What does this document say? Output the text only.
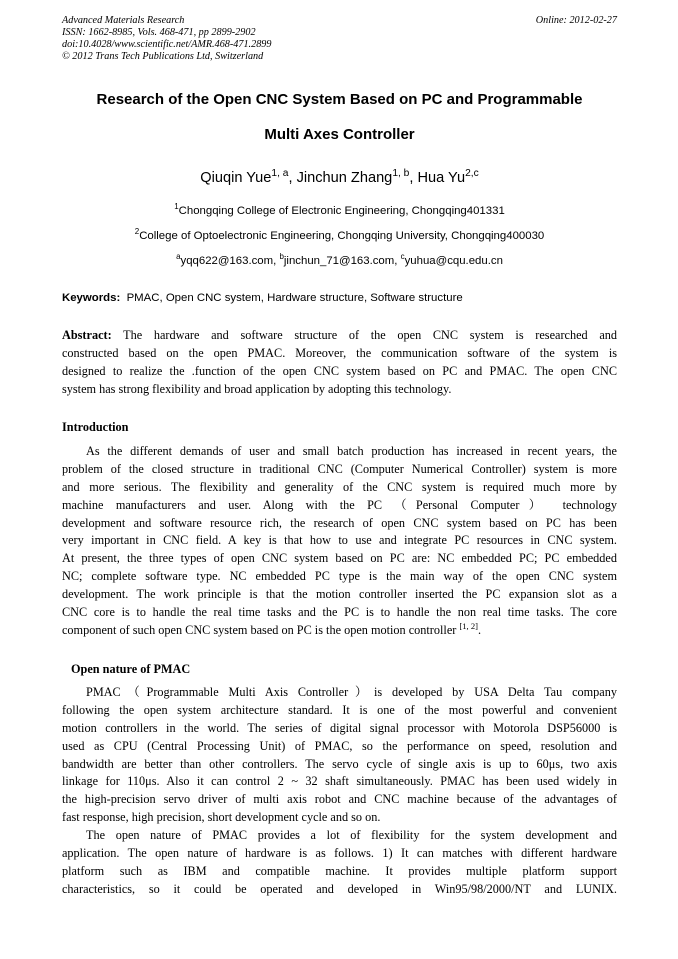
Advanced Materials Research
ISSN: 1662-8985, Vols. 468-471, pp 2899-2902
doi:10.4028/www.scientific.net/AMR.468-471.2899
© 2012 Trans Tech Publications Ltd, Switzerland
Online: 2012-02-27
Research of the Open CNC System Based on PC and Programmable
Multi Axes Controller
Qiuqin Yue$^{1, a}$, Jinchun Zhang$^{1, b}$, Hua Yu$^{2,c}$
$^1$Chongqing College of Electronic Engineering, Chongqing401331
$^2$College of Optoelectronic Engineering, Chongqing University, Chongqing400030
$^a$yqq622@163.com, $^b$jinchun_71@163.com, $^c$yuhua@cqu.edu.cn
Keywords: PMAC, Open CNC system, Hardware structure, Software structure
Abstract: The hardware and software structure of the open CNC system is researched and
constructed based on the open PMAC. Moreover, the communication software of the system is
designed to realize the .function of the open CNC system based on PC and PMAC. The open CNC
system has strong flexibility and broad application by adopting this technology.
Introduction
As the different demands of user and small batch production has increased in recent years, the
problem of the closed structure in traditional CNC (Computer Numerical Controller) system is more
and more serious. The flexibility and generality of the CNC system is required much more by
machine manufacturers and user. Along with the PC （Personal Computer） technology
development and software resource rich, the research of open CNC system based on PC has been
very important in CNC field. A key is that how to use and integrate PC resources in CNC system.
At present, the three types of open CNC system based on PC are: NC embedded PC; PC embedded
NC; complete software type. NC embedded PC type is the main way of the open CNC system
development. The work principle is that the motion controller inserted the PC expansion slot as a
CNC core is to handle the real time tasks and the PC is to handle the non real time tasks. The core
component of such open CNC system based on PC is the open motion controller [1, 2].
Open nature of PMAC
PMAC（Programmable Multi Axis Controller）is developed by USA Delta Tau company
following the open system architecture standard. It is one of the most powerful and convenient
motion controllers in the world. The series of digital signal processor with Motorola DSP56000 is
used as CPU (Central Processing Unit) of PMAC, so the performance on speed, resolution and
bandwidth are better than other controllers. The servo cycle of single axis is up to 60μs, two axis
linkage for 110μs. Also it can control 2 ~ 32 shaft simultaneously. PMAC has been used widely in
the high-precision servo driver of multi axis robot and CNC machine because of the advantages of
fast response, high precision, short development cycle and so on.
The open nature of PMAC provides a lot of flexibility for the system development and
application. The open nature of hardware is as follows. 1) It can matches with different hardware
platform such as IBM and compatible machine. It provides multiple platform support
characteristics, so it could be operated and developed in Win95/98/2000/NT and LUNIX.
